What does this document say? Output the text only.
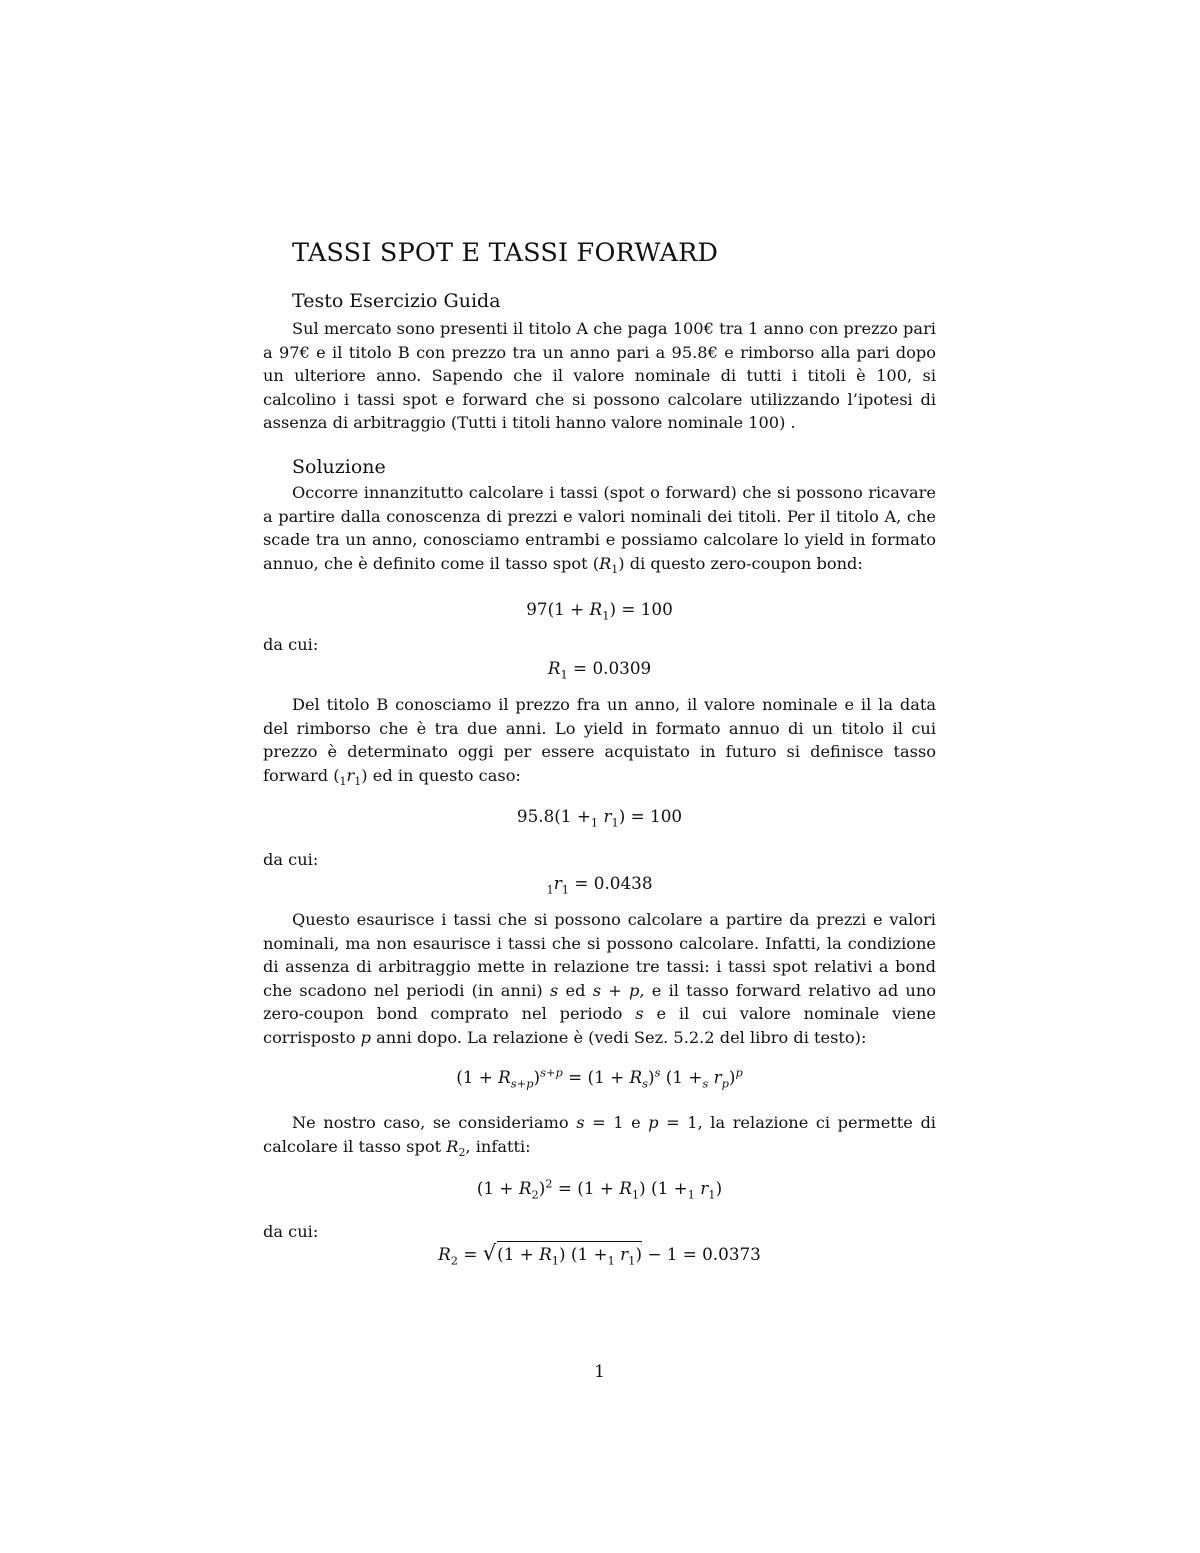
TASSI SPOT E TASSI FORWARD
Testo Esercizio Guida

Sul mercato sono presenti il titolo A che paga 100€ tra 1 anno con prezzo pari a 97€ e il titolo B con prezzo tra un anno pari a 95.8€ e rimborso alla pari dopo un ulteriore anno. Sapendo che il valore nominale di tutti i titoli è 100, si calcolino i tassi spot e forward che si possono calcolare utilizzando l’ipotesi di assenza di arbitraggio (Tutti i titoli hanno valore nominale 100) .

Soluzione

Occorre innanzitutto calcolare i tassi (spot o forward) che si possono ricavare a partire dalla conoscenza di prezzi e valori nominali dei titoli. Per il titolo A, che scade tra un anno, conosciamo entrambi e possiamo calcolare lo yield in formato annuo, che è definito come il tasso spot $(R_1)$ di questo zero-coupon bond:

$97(1 + R_1) = 100$

da cui:

$R_1 = 0.0309$

Del titolo B conosciamo il prezzo fra un anno, il valore nominale e il la data del rimborso che è tra due anni. Lo yield in formato annuo di un titolo il cui prezzo è determinato oggi per essere acquistato in futuro si definisce tasso forward $(_1r_1)$ ed in questo caso:

$95.8(1 +_1$ $r_1) = 100$

da cui:

$_1r_1 = 0.0438$

Questo esaurisce i tassi che si possono calcolare a partire da prezzi e valori nominali, ma non esaurisce i tassi che si possono calcolare. Infatti, la condizione di assenza di arbitraggio mette in relazione tre tassi: i tassi spot relativi a bond che scadono nel periodi (in anni) s ed s + p, e il tasso forward relativo ad uno zero-coupon bond comprato nel periodo s e il cui valore nominale viene corrisposto p anni dopo. La relazione è (vedi Sez. 5.2.2 del libro di testo):

$(1 + R_{s+p})^{s+p} = (1 + R_s)^s$ ($1 +_s$ $r_p)^p$

Ne nostro caso, se consideriamo s = 1 e p = 1, la relazione ci permette di calcolare il tasso spot $R_2$, infatti:

$(1 + R_2)^2 = (1 + R_1)$ ($1 +_1$ $r_1$)

da cui:

$R_2 = √(1 + R_1)$ ($1 +_1$ $r_1) - 1 = 0.0373$
1
